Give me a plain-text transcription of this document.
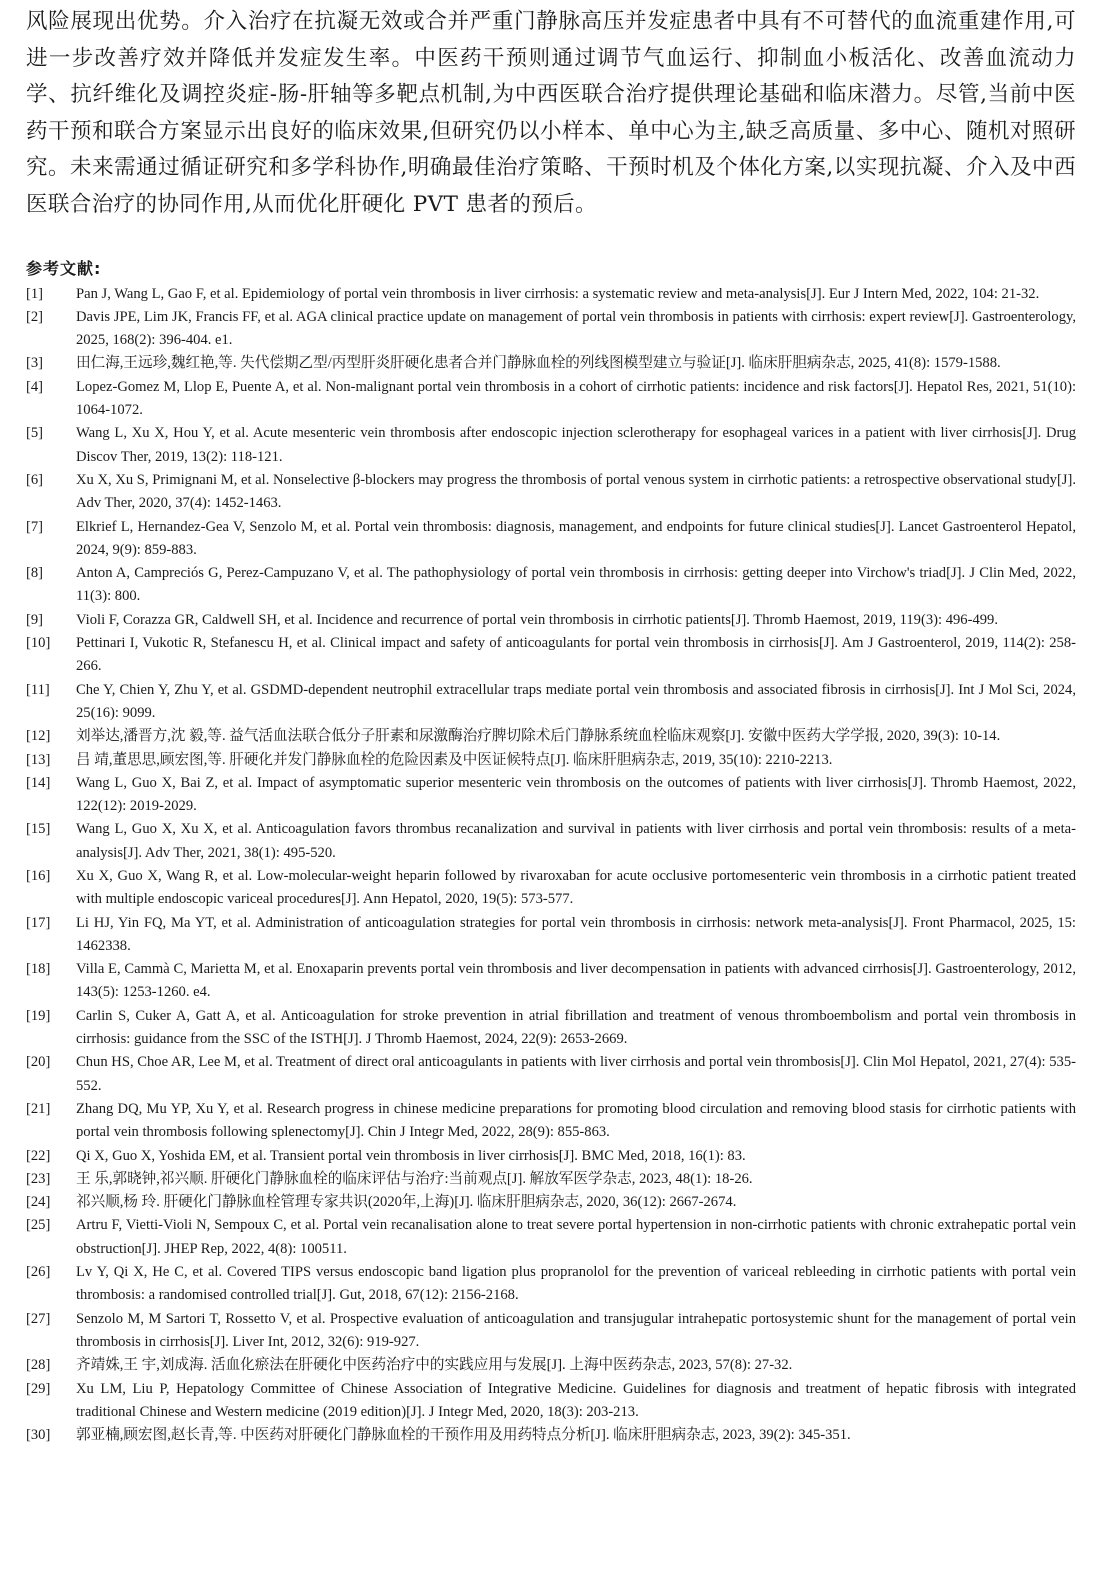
风险展现出优势。介入治疗在抗凝无效或合并严重门静脉高压并发症患者中具有不可替代的血流重建作用,可进一步改善疗效并降低并发症发生率。中医药干预则通过调节气血运行、抑制血小板活化、改善血流动力学、抗纤维化及调控炎症-肠-肝轴等多靶点机制,为中西医联合治疗提供理论基础和临床潜力。尽管,当前中医药干预和联合方案显示出良好的临床效果,但研究仍以小样本、单中心为主,缺乏高质量、多中心、随机对照研究。未来需通过循证研究和多学科协作,明确最佳治疗策略、干预时机及个体化方案,以实现抗凝、介入及中西医联合治疗的协同作用,从而优化肝硬化 PVT 患者的预后。

参考文献:
[1] Pan J, Wang L, Gao F, et al. Epidemiology of portal vein thrombosis in liver cirrhosis: a systematic review and meta-analysis[J]. Eur J Intern Med, 2022, 104: 21-32.
[2] Davis JPE, Lim JK, Francis FF, et al. AGA clinical practice update on management of portal vein thrombosis in patients with cirrhosis: expert review[J]. Gastroenterology, 2025, 168(2): 396-404. e1.
[3] 田仁海,王远珍,魏红艳,等. 失代偿期乙型/丙型肝炎肝硬化患者合并门静脉血栓的列线图模型建立与验证[J]. 临床肝胆病杂志, 2025, 41(8): 1579-1588.
[4] Lopez-Gomez M, Llop E, Puente A, et al. Non-malignant portal vein thrombosis in a cohort of cirrhotic patients: incidence and risk factors[J]. Hepatol Res, 2021, 51(10): 1064-1072.
[5] Wang L, Xu X, Hou Y, et al. Acute mesenteric vein thrombosis after endoscopic injection sclerotherapy for esophageal varices in a patient with liver cirrhosis[J]. Drug Discov Ther, 2019, 13(2): 118-121.
[6] Xu X, Xu S, Primignani M, et al. Nonselective β-blockers may progress the thrombosis of portal venous system in cirrhotic patients: a retrospective observational study[J]. Adv Ther, 2020, 37(4): 1452-1463.
[7] Elkrief L, Hernandez-Gea V, Senzolo M, et al. Portal vein thrombosis: diagnosis, management, and endpoints for future clinical studies[J]. Lancet Gastroenterol Hepatol, 2024, 9(9): 859-883.
[8] Anton A, Campreciós G, Perez-Campuzano V, et al. The pathophysiology of portal vein thrombosis in cirrhosis: getting deeper into Virchow's triad[J]. J Clin Med, 2022, 11(3): 800.
[9] Violi F, Corazza GR, Caldwell SH, et al. Incidence and recurrence of portal vein thrombosis in cirrhotic patients[J]. Thromb Haemost, 2019, 119(3): 496-499.
[10] Pettinari I, Vukotic R, Stefanescu H, et al. Clinical impact and safety of anticoagulants for portal vein thrombosis in cirrhosis[J]. Am J Gastroenterol, 2019, 114(2): 258-266.
[11] Che Y, Chien Y, Zhu Y, et al. GSDMD-dependent neutrophil extracellular traps mediate portal vein thrombosis and associated fibrosis in cirrhosis[J]. Int J Mol Sci, 2024, 25(16): 9099.
[12] 刘举达,潘晋方,沈 毅,等. 益气活血法联合低分子肝素和尿激酶治疗脾切除术后门静脉系统血栓临床观察[J]. 安徽中医药大学学报, 2020, 39(3): 10-14.
[13] 吕 靖,董思思,顾宏图,等. 肝硬化并发门静脉血栓的危险因素及中医证候特点[J]. 临床肝胆病杂志, 2019, 35(10): 2210-2213.
[14] Wang L, Guo X, Bai Z, et al. Impact of asymptomatic superior mesenteric vein thrombosis on the outcomes of patients with liver cirrhosis[J]. Thromb Haemost, 2022, 122(12): 2019-2029.
[15] Wang L, Guo X, Xu X, et al. Anticoagulation favors thrombus recanalization and survival in patients with liver cirrhosis and portal vein thrombosis: results of a meta-analysis[J]. Adv Ther, 2021, 38(1): 495-520.
[16] Xu X, Guo X, Wang R, et al. Low-molecular-weight heparin followed by rivaroxaban for acute occlusive portomesenteric vein thrombosis in a cirrhotic patient treated with multiple endoscopic variceal procedures[J]. Ann Hepatol, 2020, 19(5): 573-577.
[17] Li HJ, Yin FQ, Ma YT, et al. Administration of anticoagulation strategies for portal vein thrombosis in cirrhosis: network meta-analysis[J]. Front Pharmacol, 2025, 15: 1462338.
[18] Villa E, Cammà C, Marietta M, et al. Enoxaparin prevents portal vein thrombosis and liver decompensation in patients with advanced cirrhosis[J]. Gastroenterology, 2012, 143(5): 1253-1260. e4.
[19] Carlin S, Cuker A, Gatt A, et al. Anticoagulation for stroke prevention in atrial fibrillation and treatment of venous thromboembolism and portal vein thrombosis in cirrhosis: guidance from the SSC of the ISTH[J]. J Thromb Haemost, 2024, 22(9): 2653-2669.
[20] Chun HS, Choe AR, Lee M, et al. Treatment of direct oral anticoagulants in patients with liver cirrhosis and portal vein thrombosis[J]. Clin Mol Hepatol, 2021, 27(4): 535-552.
[21] Zhang DQ, Mu YP, Xu Y, et al. Research progress in chinese medicine preparations for promoting blood circulation and removing blood stasis for cirrhotic patients with portal vein thrombosis following splenectomy[J]. Chin J Integr Med, 2022, 28(9): 855-863.
[22] Qi X, Guo X, Yoshida EM, et al. Transient portal vein thrombosis in liver cirrhosis[J]. BMC Med, 2018, 16(1): 83.
[23] 王 乐,郭晓钟,祁兴顺. 肝硬化门静脉血栓的临床评估与治疗:当前观点[J]. 解放军医学杂志, 2023, 48(1): 18-26.
[24] 祁兴顺,杨 玲. 肝硬化门静脉血栓管理专家共识(2020年,上海)[J]. 临床肝胆病杂志, 2020, 36(12): 2667-2674.
[25] Artru F, Vietti-Violi N, Sempoux C, et al. Portal vein recanalisation alone to treat severe portal hypertension in non-cirrhotic patients with chronic extrahepatic portal vein obstruction[J]. JHEP Rep, 2022, 4(8): 100511.
[26] Lv Y, Qi X, He C, et al. Covered TIPS versus endoscopic band ligation plus propranolol for the prevention of variceal rebleeding in cirrhotic patients with portal vein thrombosis: a randomised controlled trial[J]. Gut, 2018, 67(12): 2156-2168.
[27] Senzolo M, M Sartori T, Rossetto V, et al. Prospective evaluation of anticoagulation and transjugular intrahepatic portosystemic shunt for the management of portal vein thrombosis in cirrhosis[J]. Liver Int, 2012, 32(6): 919-927.
[28] 齐靖姝,王 宇,刘成海. 活血化瘀法在肝硬化中医药治疗中的实践应用与发展[J]. 上海中医药杂志, 2023, 57(8): 27-32.
[29] Xu LM, Liu P, Hepatology Committee of Chinese Association of Integrative Medicine. Guidelines for diagnosis and treatment of hepatic fibrosis with integrated traditional Chinese and Western medicine (2019 edition)[J]. J Integr Med, 2020, 18(3): 203-213.
[30] 郭亚楠,顾宏图,赵长青,等. 中医药对肝硬化门静脉血栓的干预作用及用药特点分析[J]. 临床肝胆病杂志, 2023, 39(2): 345-351.
